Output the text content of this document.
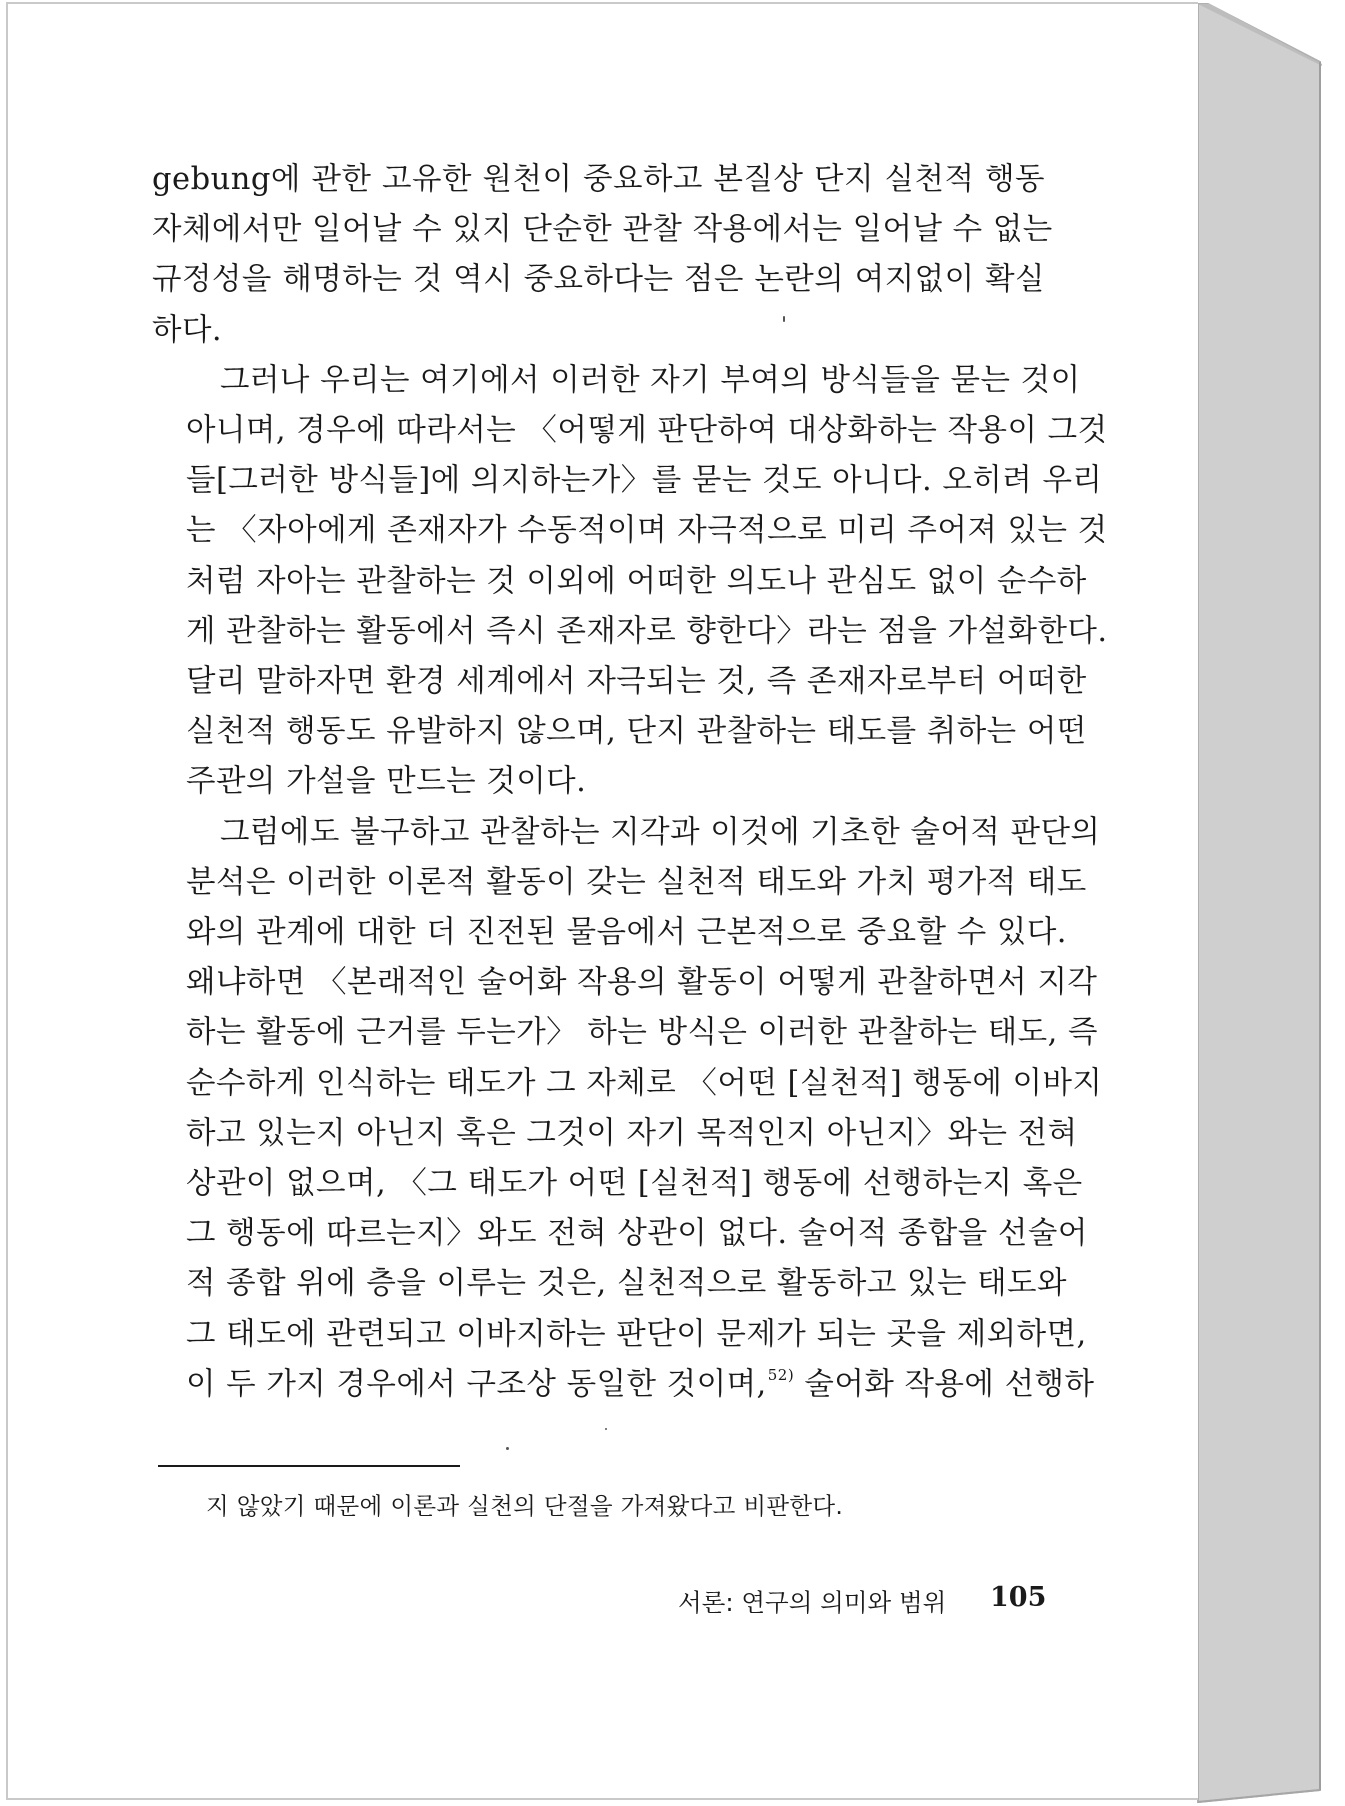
gebung에 관한 고유한 원천이 중요하고 본질상 단지 실천적 행동
자체에서만 일어날 수 있지 단순한 관찰 작용에서는 일어날 수 없는
규정성을 해명하는 것 역시 중요하다는 점은 논란의 여지없이 확실
하다.

그러나 우리는 여기에서 이러한 자기 부여의 방식들을 묻는 것이
아니며, 경우에 따라서는 〈어떻게 판단하여 대상화하는 작용이 그것
들[그러한 방식들]에 의지하는가〉를 묻는 것도 아니다. 오히려 우리
는 〈자아에게 존재자가 수동적이며 자극적으로 미리 주어져 있는 것
처럼 자아는 관찰하는 것 이외에 어떠한 의도나 관심도 없이 순수하
게 관찰하는 활동에서 즉시 존재자로 향한다〉라는 점을 가설화한다.
달리 말하자면 환경 세계에서 자극되는 것, 즉 존재자로부터 어떠한
실천적 행동도 유발하지 않으며, 단지 관찰하는 태도를 취하는 어떤
주관의 가설을 만드는 것이다.

그럼에도 불구하고 관찰하는 지각과 이것에 기초한 술어적 판단의
분석은 이러한 이론적 활동이 갖는 실천적 태도와 가치 평가적 태도
와의 관계에 대한 더 진전된 물음에서 근본적으로 중요할 수 있다.
왜냐하면 〈본래적인 술어화 작용의 활동이 어떻게 관찰하면서 지각
하는 활동에 근거를 두는가〉 하는 방식은 이러한 관찰하는 태도, 즉
순수하게 인식하는 태도가 그 자체로 〈어떤 [실천적] 행동에 이바지
하고 있는지 아닌지 혹은 그것이 자기 목적인지 아닌지〉와는 전혀
상관이 없으며, 〈그 태도가 어떤 [실천적] 행동에 선행하는지 혹은
그 행동에 따르는지〉와도 전혀 상관이 없다. 술어적 종합을 선술어
적 종합 위에 층을 이루는 것은, 실천적으로 활동하고 있는 태도와
그 태도에 관련되고 이바지하는 판단이 문제가 되는 곳을 제외하면,
이 두 가지 경우에서 구조상 동일한 것이며,$^{52)}$ 술어화 작용에 선행하

지 않았기 때문에 이론과 실천의 단절을 가져왔다고 비판한다.
서론: 연구의 의미와 범위 105
